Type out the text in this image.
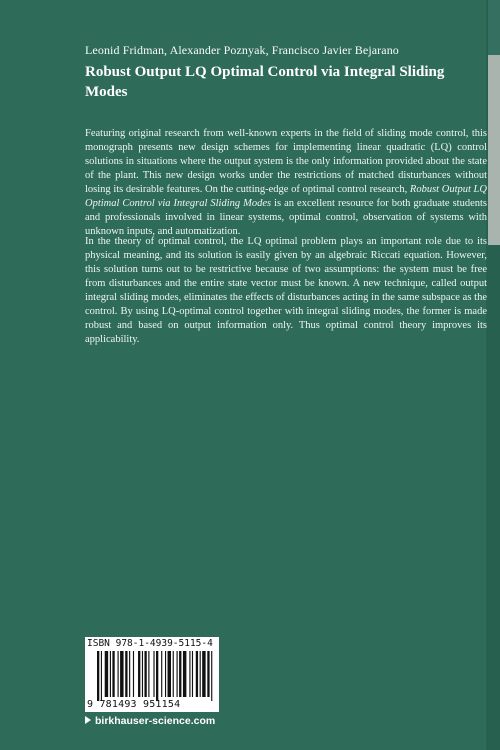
Leonid Fridman, Alexander Poznyak, Francisco Javier Bejarano
Robust Output LQ Optimal Control via Integral Sliding Modes
Featuring original research from well-known experts in the field of sliding mode control, this monograph presents new design schemes for implementing linear quadratic (LQ) control solutions in situations where the output system is the only information provided about the state of the plant. This new design works under the restrictions of matched disturbances without losing its desirable features. On the cutting-edge of optimal control research, Robust Output LQ Optimal Control via Integral Sliding Modes is an excellent resource for both graduate students and professionals involved in linear systems, optimal control, observation of systems with unknown inputs, and automatization.
In the theory of optimal control, the LQ optimal problem plays an important role due to its physical meaning, and its solution is easily given by an algebraic Riccati equation. However, this solution turns out to be restrictive because of two assumptions: the system must be free from disturbances and the entire state vector must be known. A new technique, called output integral sliding modes, eliminates the effects of disturbances acting in the same subspace as the control. By using LQ-optimal control together with integral sliding modes, the former is made robust and based on output information only. Thus optimal control theory improves its applicability.
ISBN 978-1-4939-5115-4
9 781493 951154
birkhauser-science.com
